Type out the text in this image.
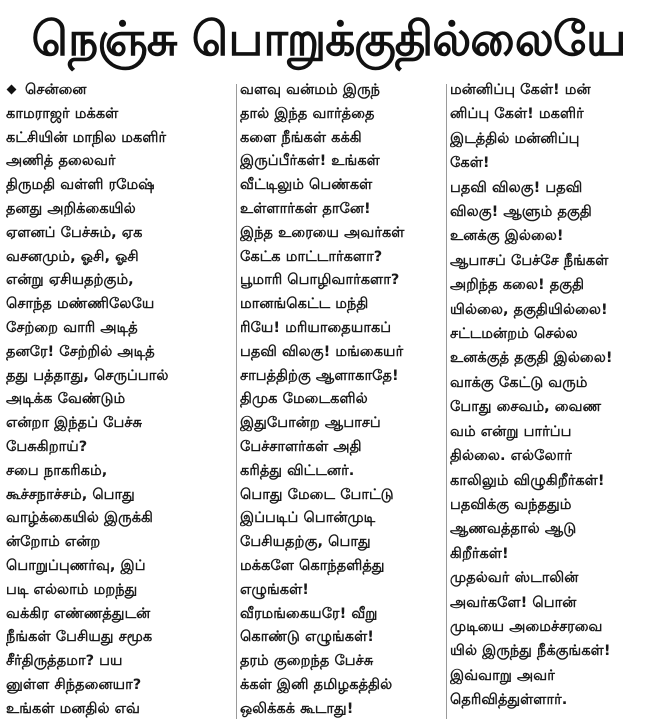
நெஞ்சு பொறுக்குதில்லையே
சென்னை
காமராஜர் மக்கள்
கட்சியின் மாநில மகளிர்
அணித் தலைவர்
திருமதி வள்ளி ரமேஷ்
தனது அறிக்கையில்
ஏளனப் பேச்சும், ஏக
வசனமும், ஓசி, ஓசி
என்று ஏசியதற்கும்,
சொந்த மண்ணிலேயே
சேற்றை வாரி அடித்
தனரே! சேற்றில் அடித்
தது பத்தாது, செருப்பால்
அடிக்க வேண்டும்
என்றா இந்தப் பேச்சு
பேசுகிறாய்?
சபை நாகரிகம்,
கூச்சநாச்சம், பொது
வாழ்க்கையில் இருக்கி
ன்றோம் என்ற
பொறுப்புணர்வு, இப்
படி எல்லாம் மறந்து
வக்கிர எண்ணத்துடன்
நீங்கள் பேசியது சமூக
சீர்திருத்தமா? பய
னுள்ள சிந்தனையா?
உங்கள் மனதில் எவ்
வளவு வன்மம் இருந்
தால் இந்த வார்த்தை
களை நீங்கள் கக்கி
இருப்பீர்கள்! உங்கள்
வீட்டிலும் பெண்கள்
உள்ளார்கள் தானே!
இந்த உரையை அவர்கள்
கேட்க மாட்டார்களா?
பூமாரி பொழிவார்களா?
மானங்கெட்ட மந்தி
ரியே! மரியாதையாகப்
பதவி விலகு! மங்கையர்
சாபத்திற்கு ஆளாகாதே!
திமுக மேடைகளில்
இதுபோன்ற ஆபாசப்
பேச்சாளர்கள் அதி
கரித்து விட்டனர்.
பொது மேடை போட்டு
இப்படிப் பொன்முடி
பேசியதற்கு, பொது
மக்களே கொந்தளித்து
எழுங்கள்!
வீரமங்கையரே! வீறு
கொண்டு எழுங்கள்!
தரம் குறைந்த பேச்சு
க்கள் இனி தமிழகத்தில்
ஒலிக்கக் கூடாது!
மன்னிப்பு கேள்! மன்
னிப்பு கேள்! மகளிர்
இடத்தில் மன்னிப்பு
கேள்!
பதவி விலகு! பதவி
விலகு! ஆளும் தகுதி
உனக்கு இல்லை!
ஆபாசப் பேச்சே நீங்கள்
அறிந்த கலை! தகுதி
யில்லை, தகுதியில்லை!
சட்டமன்றம் செல்ல
உனக்குத் தகுதி இல்லை!
வாக்கு கேட்டு வரும்
போது சைவம், வைண
வம் என்று பார்ப்ப
தில்லை. எல்லோர்
காலிலும் விழுகிறீர்கள்!
பதவிக்கு வந்ததும்
ஆணவத்தால் ஆடு
கிறீர்கள்!
முதல்வர் ஸ்டாலின்
அவர்களே! பொன்
முடியை அமைச்சரவை
யில் இருந்து நீக்குங்கள்!
இவ்வாறு அவர்
தெரிவித்துள்ளார்.
